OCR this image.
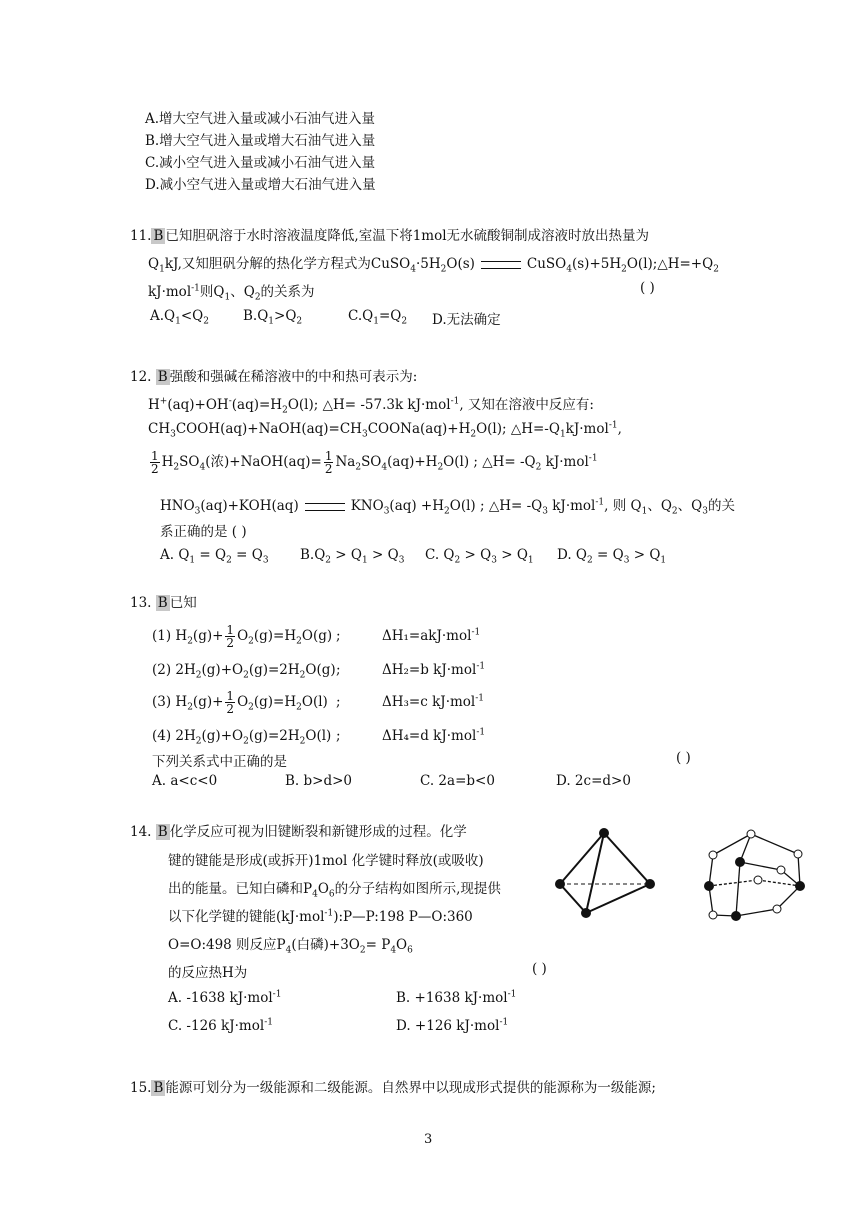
A.增大空气进入量或减小石油气进入量
B.增大空气进入量或增大石油气进入量
C.减小空气进入量或减小石油气进入量
D.减小空气进入量或增大石油气进入量
11. B 已知胆矾溶于水时溶液温度降低,室温下将1mol无水硫酸铜制成溶液时放出热量为
$Q_1kJ$,又知胆矾分解的热化学方程式为$CuSO_4\cdot 5H_2O(s)$	$CuSO_4(s)+5H_2O(l);\triangle H=+Q_2$
kJ·mol$^{-1}$则$Q_1$、$Q_2$的关系为	( )
$A.Q_1<Q_2$	$B.Q_1>Q_2$	$C.Q_1=Q_2$ D.无法确定
12. B 强酸和强碱在稀溶液中的中和热可表示为:
$H^+(aq)+OH^-(aq)=H_2O(l)$; △H= -57.3k kJ·mol$^{-1}$, 又知在溶液中反应有:
$CH_3COOH(aq)+NaOH(aq)=CH_3COONa(aq)+H_2O(l)$; $\triangle H=-Q_1kJ\cdot mol^{-1}$,
$\frac{1}{2} H_2SO_4$(浓)+NaOH(aq)= $\frac{1}{2} Na_2SO_4(aq)+H_2O(l)$ ; △H= $-Q_2$ kJ·mol$^{-1}$
$HNO_3(aq)+KOH(aq)$	$KNO_3(aq) +H_2O(l)$ ; △H= $-Q_3$ kJ·mol$^{-1}$, 则 $Q_1$、$Q_2$、$Q_3$的关
系正确的是 ( )
A. $Q_1 = Q_2 = Q_3$ $B.Q_2 > Q_1 > Q_3$ C. $Q_2 > Q_3 > Q_1$ D. $Q_2 = Q_3 > Q_1$
13. B 已知
(1) $H_2(g)+ \frac{1}{2} O_2(g)=H_2O(g)$ ;	ΔH₁=akJ·mol$^{-1}$
(2) $2H_2(g)+O_2(g)=2H_2O(g)$ ;	ΔH₂=b kJ·mol$^{-1}$
(3) $H_2(g)+ \frac{1}{2} O_2(g)=H_2O(l)$ ;	ΔH₃=c kJ·mol$^{-1}$
(4) $2H_2(g)+O_2(g)=2H_2O(l)$ ;	ΔH₄=d kJ·mol$^{-1}$
下列关系式中正确的是	( )
A. a<c<0	B. b>d>0	C. 2a=b<0	D. 2c=d>0
14. B 化学反应可视为旧键断裂和新键形成的过程。化学
键的键能是形成(或拆开)1mol 化学键时释放(或吸收)
出的能量。已知白磷和$P_4O_6$的分子结构如图所示,现提供
以下化学键的键能(kJ·mol$^{-1}$):P—P:198 P—O:360
O=O:498 则反应$P_4$(白磷)$+3O_2= P_4O_6$
的反应热H为	( )
A. -1638 kJ·mol$^{-1}$	B. +1638 kJ·mol$^{-1}$
C. -126 kJ·mol$^{-1}$	D. +126 kJ·mol$^{-1}$
15. B 能源可划分为一级能源和二级能源。自然界中以现成形式提供的能源称为一级能源;
3
